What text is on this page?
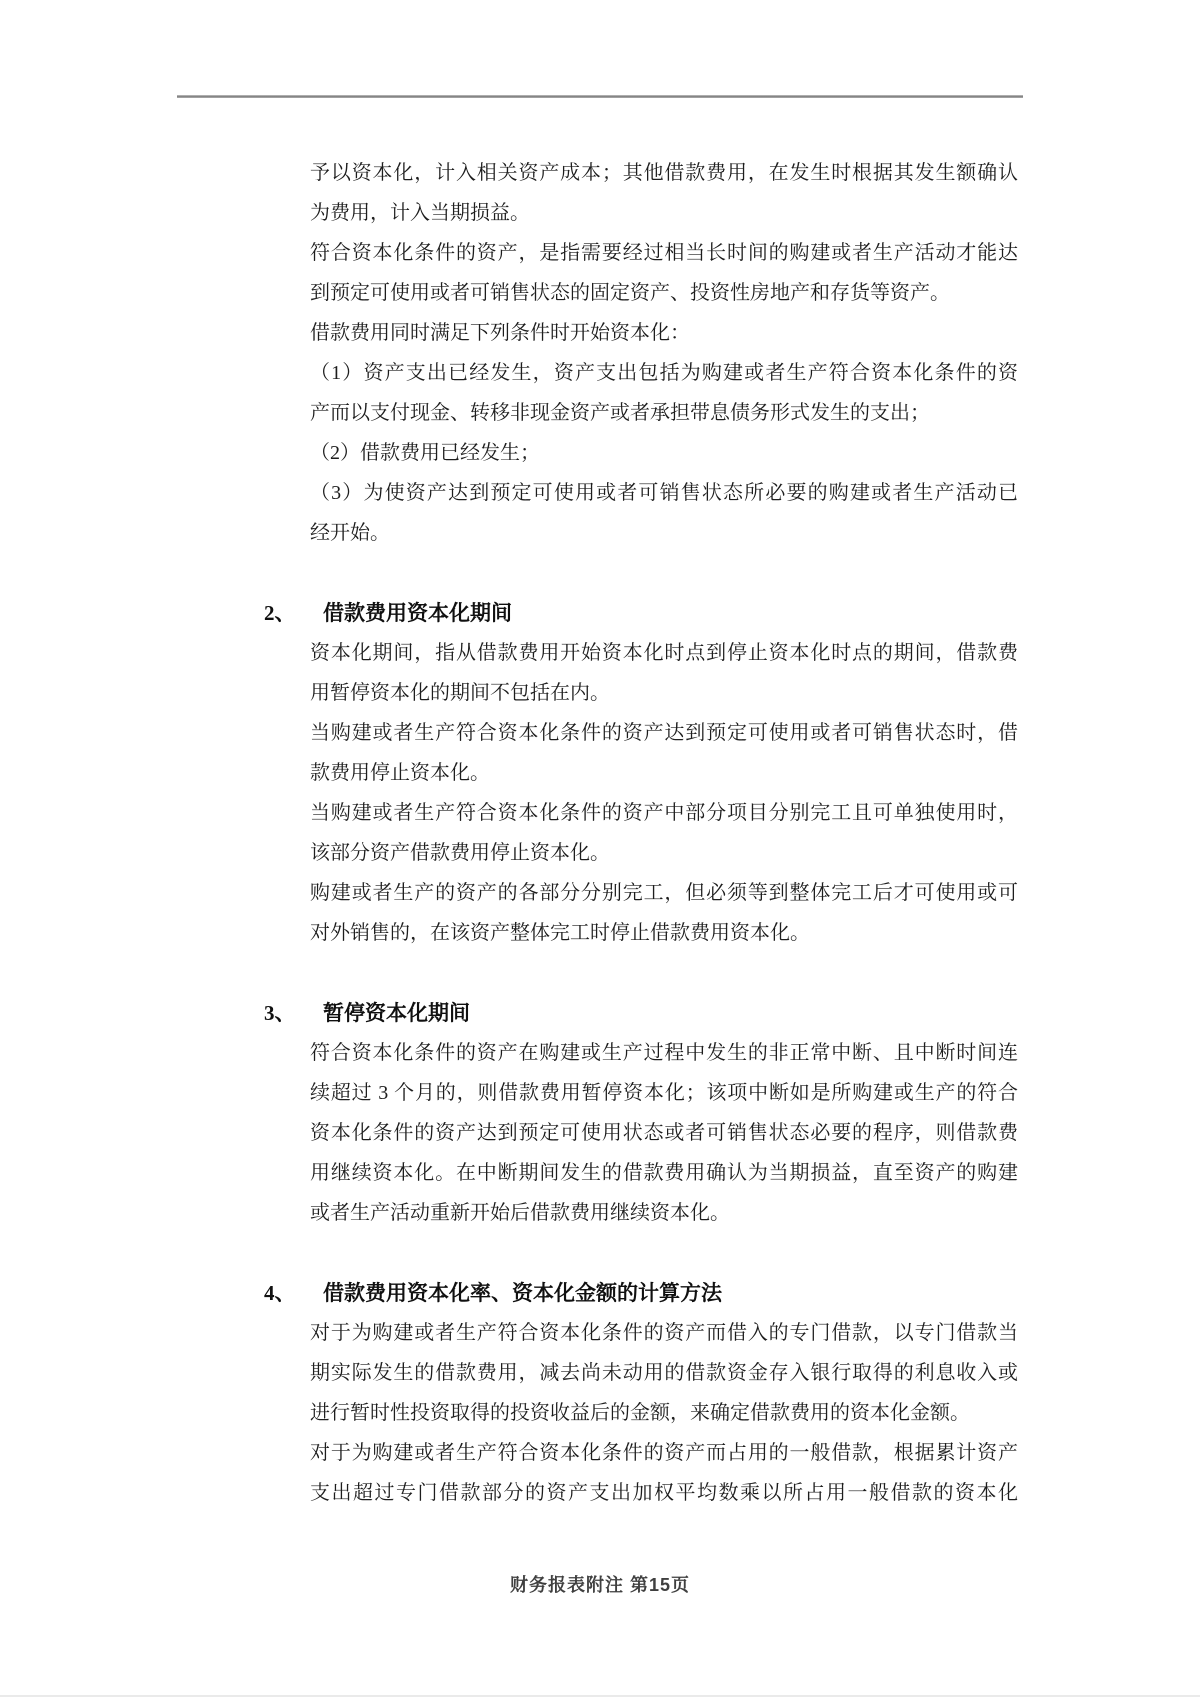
予以资本化，计入相关资产成本；其他借款费用，在发生时根据其发生额确认
为费用，计入当期损益。
符合资本化条件的资产，是指需要经过相当长时间的购建或者生产活动才能达
到预定可使用或者可销售状态的固定资产、投资性房地产和存货等资产。
借款费用同时满足下列条件时开始资本化：
（1）资产支出已经发生，资产支出包括为购建或者生产符合资本化条件的资
产而以支付现金、转移非现金资产或者承担带息债务形式发生的支出；
（2）借款费用已经发生；
（3）为使资产达到预定可使用或者可销售状态所必要的购建或者生产活动已
经开始。
2、 借款费用资本化期间
资本化期间，指从借款费用开始资本化时点到停止资本化时点的期间，借款费
用暂停资本化的期间不包括在内。
当购建或者生产符合资本化条件的资产达到预定可使用或者可销售状态时，借
款费用停止资本化。
当购建或者生产符合资本化条件的资产中部分项目分别完工且可单独使用时，
该部分资产借款费用停止资本化。
购建或者生产的资产的各部分分别完工，但必须等到整体完工后才可使用或可
对外销售的，在该资产整体完工时停止借款费用资本化。
3、 暂停资本化期间
符合资本化条件的资产在购建或生产过程中发生的非正常中断、且中断时间连
续超过 3 个月的，则借款费用暂停资本化；该项中断如是所购建或生产的符合
资本化条件的资产达到预定可使用状态或者可销售状态必要的程序，则借款费
用继续资本化。在中断期间发生的借款费用确认为当期损益，直至资产的购建
或者生产活动重新开始后借款费用继续资本化。
4、 借款费用资本化率、资本化金额的计算方法
对于为购建或者生产符合资本化条件的资产而借入的专门借款，以专门借款当
期实际发生的借款费用，减去尚未动用的借款资金存入银行取得的利息收入或
进行暂时性投资取得的投资收益后的金额，来确定借款费用的资本化金额。
对于为购建或者生产符合资本化条件的资产而占用的一般借款，根据累计资产
支出超过专门借款部分的资产支出加权平均数乘以所占用一般借款的资本化
财务报表附注 第15页
